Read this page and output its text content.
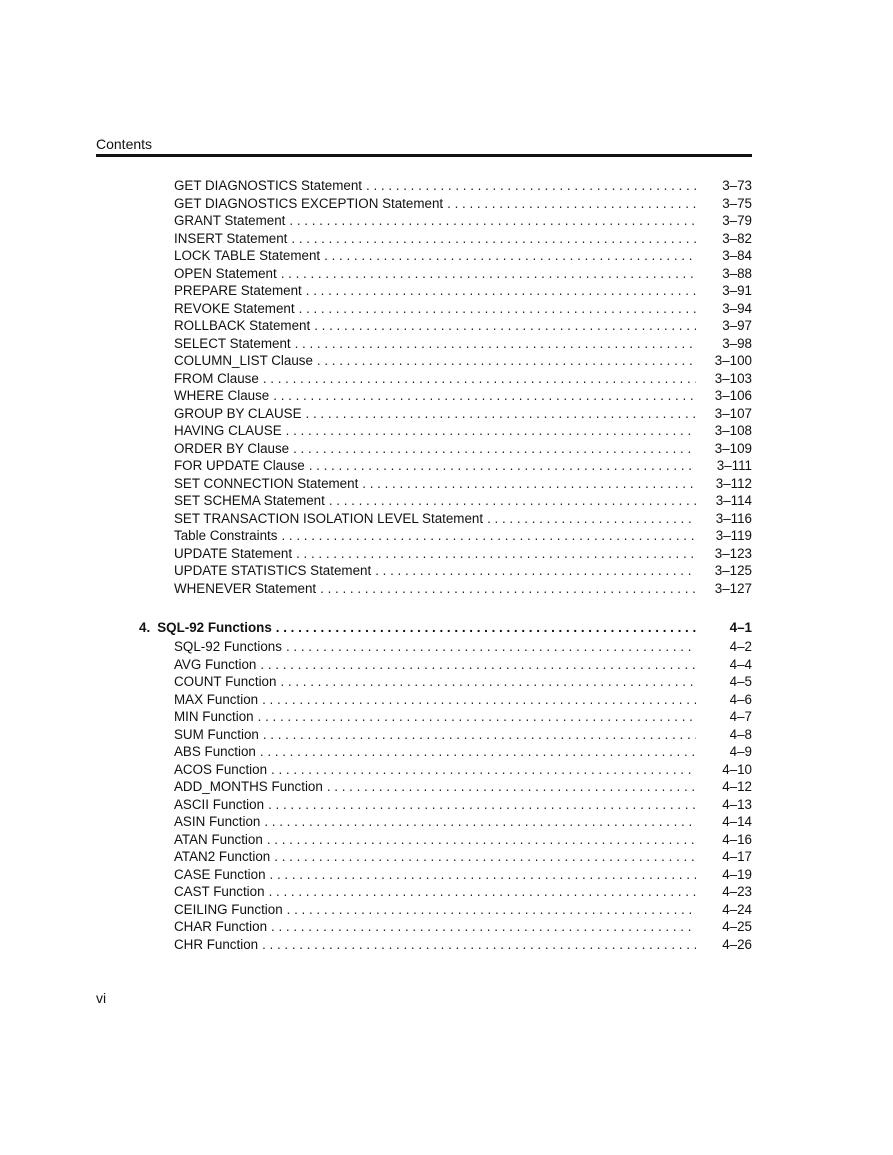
Contents
GET DIAGNOSTICS Statement . . .	3–73
GET DIAGNOSTICS EXCEPTION Statement . . .	3–75
GRANT Statement . . .	3–79
INSERT Statement . . .	3–82
LOCK TABLE Statement . . .	3–84
OPEN Statement . . .	3–88
PREPARE Statement . . .	3–91
REVOKE Statement . . .	3–94
ROLLBACK Statement . . .	3–97
SELECT Statement . . .	3–98
COLUMN_LIST Clause . . .	3–100
FROM Clause . . .	3–103
WHERE Clause . . .	3–106
GROUP BY CLAUSE . . .	3–107
HAVING CLAUSE . . .	3–108
ORDER BY Clause . . .	3–109
FOR UPDATE Clause . . .	3–111
SET CONNECTION Statement . . .	3–112
SET SCHEMA Statement . . .	3–114
SET TRANSACTION ISOLATION LEVEL Statement . . .	3–116
Table Constraints . . .	3–119
UPDATE Statement . . .	3–123
UPDATE STATISTICS Statement . . .	3–125
WHENEVER Statement . . .	3–127
4. SQL-92 Functions . . .	4–1
SQL-92 Functions . . .	4–2
AVG Function . . .	4–4
COUNT Function . . .	4–5
MAX Function . . .	4–6
MIN Function . . .	4–7
SUM Function . . .	4–8
ABS Function . . .	4–9
ACOS Function . . .	4–10
ADD_MONTHS Function . . .	4–12
ASCII Function . . .	4–13
ASIN Function . . .	4–14
ATAN Function . . .	4–16
ATAN2 Function . . .	4–17
CASE Function . . .	4–19
CAST Function . . .	4–23
CEILING Function . . .	4–24
CHAR Function . . .	4–25
CHR Function . . .	4–26
vi
